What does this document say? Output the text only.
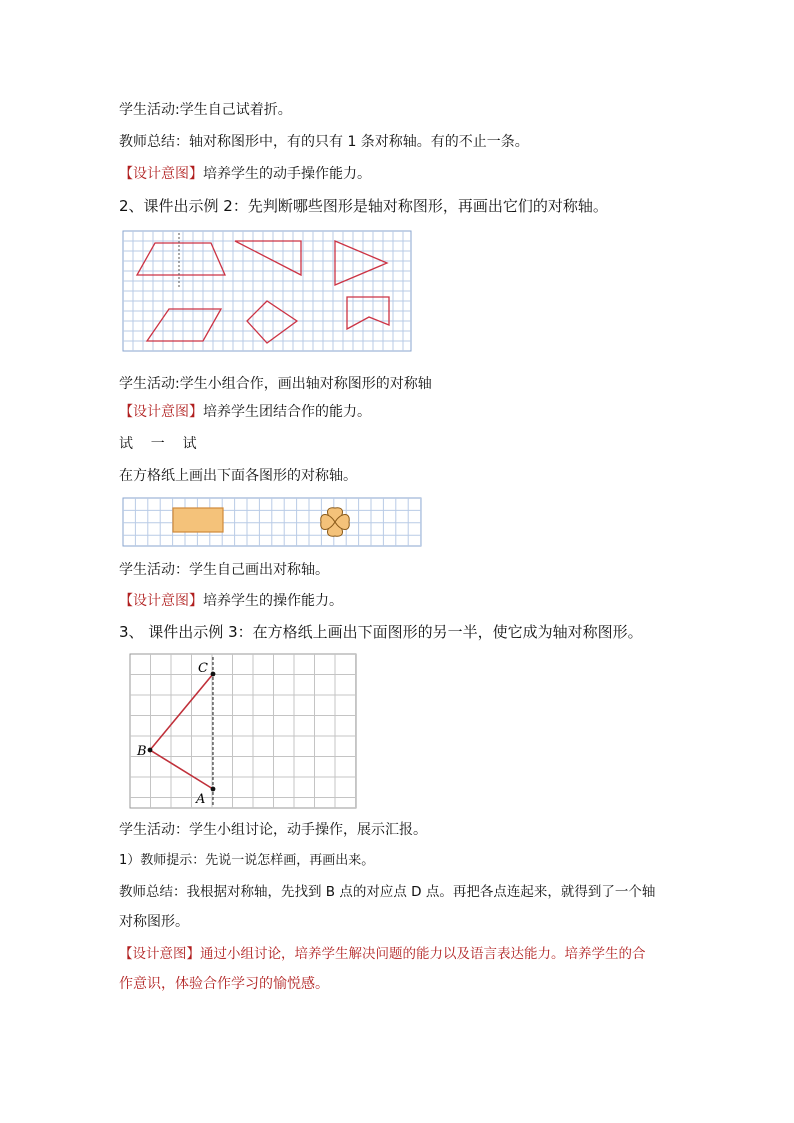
学生活动:学生自己试着折。
教师总结：轴对称图形中，有的只有 1 条对称轴。有的不止一条。
【设计意图】培养学生的动手操作能力。
2、课件出示例 2：先判断哪些图形是轴对称图形，再画出它们的对称轴。
学生活动:学生小组合作，画出轴对称图形的对称轴
【设计意图】培养学生团结合作的能力。
试    一    试
在方格纸上画出下面各图形的对称轴。
学生活动：学生自己画出对称轴。
【设计意图】培养学生的操作能力。
3、 课件出示例 3：在方格纸上画出下面图形的另一半，使它成为轴对称图形。
C
B
A
学生活动：学生小组讨论，动手操作，展示汇报。
1）教师提示：先说一说怎样画，再画出来。
教师总结：我根据对称轴，先找到 B 点的对应点 D 点。再把各点连起来，就得到了一个轴
对称图形。
【设计意图】通过小组讨论，培养学生解决问题的能力以及语言表达能力。培养学生的合
作意识，体验合作学习的愉悦感。
